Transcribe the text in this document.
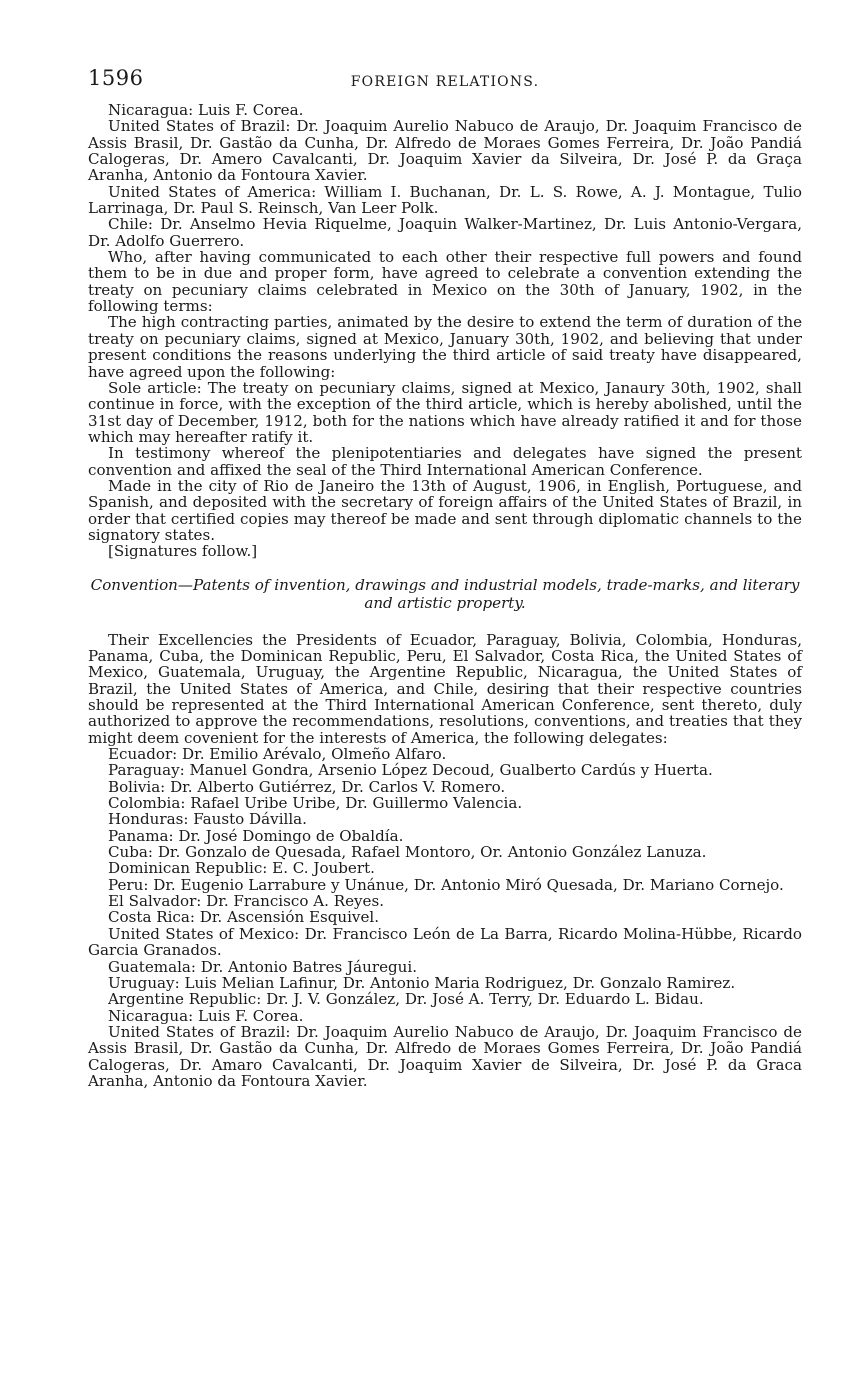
1596	FOREIGN RELATIONS.

Nicaragua: Luis F. Corea.

United States of Brazil: Dr. Joaquim Aurelio Nabuco de Araujo, Dr. Joaquim Francisco de Assis Brasil, Dr. Gastão da Cunha, Dr. Alfredo de Moraes Gomes Ferreira, Dr. João Pandiá Calogeras, Dr. Amero Cavalcanti, Dr. Joaquim Xavier da Silveira, Dr. José P. da Graça Aranha, Antonio da Fontoura Xavier.

United States of America: William I. Buchanan, Dr. L. S. Rowe, A. J. Montague, Tulio Larrinaga, Dr. Paul S. Reinsch, Van Leer Polk.

Chile: Dr. Anselmo Hevia Riquelme, Joaquin Walker-Martinez, Dr. Luis Antonio-Vergara, Dr. Adolfo Guerrero.

Who, after having communicated to each other their respective full powers and found them to be in due and proper form, have agreed to celebrate a convention extending the treaty on pecuniary claims celebrated in Mexico on the 30th of January, 1902, in the following terms:

The high contracting parties, animated by the desire to extend the term of duration of the treaty on pecuniary claims, signed at Mexico, January 30th, 1902, and believing that under present conditions the reasons underlying the third article of said treaty have disappeared, have agreed upon the following:

Sole article: The treaty on pecuniary claims, signed at Mexico, Janaury 30th, 1902, shall continue in force, with the exception of the third article, which is hereby abolished, until the 31st day of December, 1912, both for the nations which have already ratified it and for those which may hereafter ratify it.

In testimony whereof the plenipotentiaries and delegates have signed the present convention and affixed the seal of the Third International American Conference.

Made in the city of Rio de Janeiro the 13th of August, 1906, in English, Portuguese, and Spanish, and deposited with the secretary of foreign affairs of the United States of Brazil, in order that certified copies may thereof be made and sent through diplomatic channels to the signatory states.

[Signatures follow.]

Convention—Patents of invention, drawings and industrial models, trade-marks, and literary and artistic property.

Their Excellencies the Presidents of Ecuador, Paraguay, Bolivia, Colombia, Honduras, Panama, Cuba, the Dominican Republic, Peru, El Salvador, Costa Rica, the United States of Mexico, Guatemala, Uruguay, the Argentine Republic, Nicaragua, the United States of Brazil, the United States of America, and Chile, desiring that their respective countries should be represented at the Third International American Conference, sent thereto, duly authorized to approve the recommendations, resolutions, conventions, and treaties that they might deem covenient for the interests of America, the following delegates:

Ecuador: Dr. Emilio Arévalo, Olmeño Alfaro.

Paraguay: Manuel Gondra, Arsenio López Decoud, Gualberto Cardús y Huerta.

Bolivia: Dr. Alberto Gutiérrez, Dr. Carlos V. Romero.

Colombia: Rafael Uribe Uribe, Dr. Guillermo Valencia.

Honduras: Fausto Dávilla.

Panama: Dr. José Domingo de Obaldía.

Cuba: Dr. Gonzalo de Quesada, Rafael Montoro, Or. Antonio González Lanuza.

Dominican Republic: E. C. Joubert.

Peru: Dr. Eugenio Larrabure y Unánue, Dr. Antonio Miró Quesada, Dr. Mariano Cornejo.

El Salvador: Dr. Francisco A. Reyes.

Costa Rica: Dr. Ascensión Esquivel.

United States of Mexico: Dr. Francisco León de La Barra, Ricardo Molina-Hübbe, Ricardo Garcia Granados.

Guatemala: Dr. Antonio Batres Jáuregui.

Uruguay: Luis Melian Lafinur, Dr. Antonio Maria Rodriguez, Dr. Gonzalo Ramirez.

Argentine Republic: Dr. J. V. González, Dr. José A. Terry, Dr. Eduardo L. Bidau.

Nicaragua: Luis F. Corea.

United States of Brazil: Dr. Joaquim Aurelio Nabuco de Araujo, Dr. Joaquim Francisco de Assis Brasil, Dr. Gastão da Cunha, Dr. Alfredo de Moraes Gomes Ferreira, Dr. João Pandiá Calogeras, Dr. Amaro Cavalcanti, Dr. Joaquim Xavier de Silveira, Dr. José P. da Graca Aranha, Antonio da Fontoura Xavier.
